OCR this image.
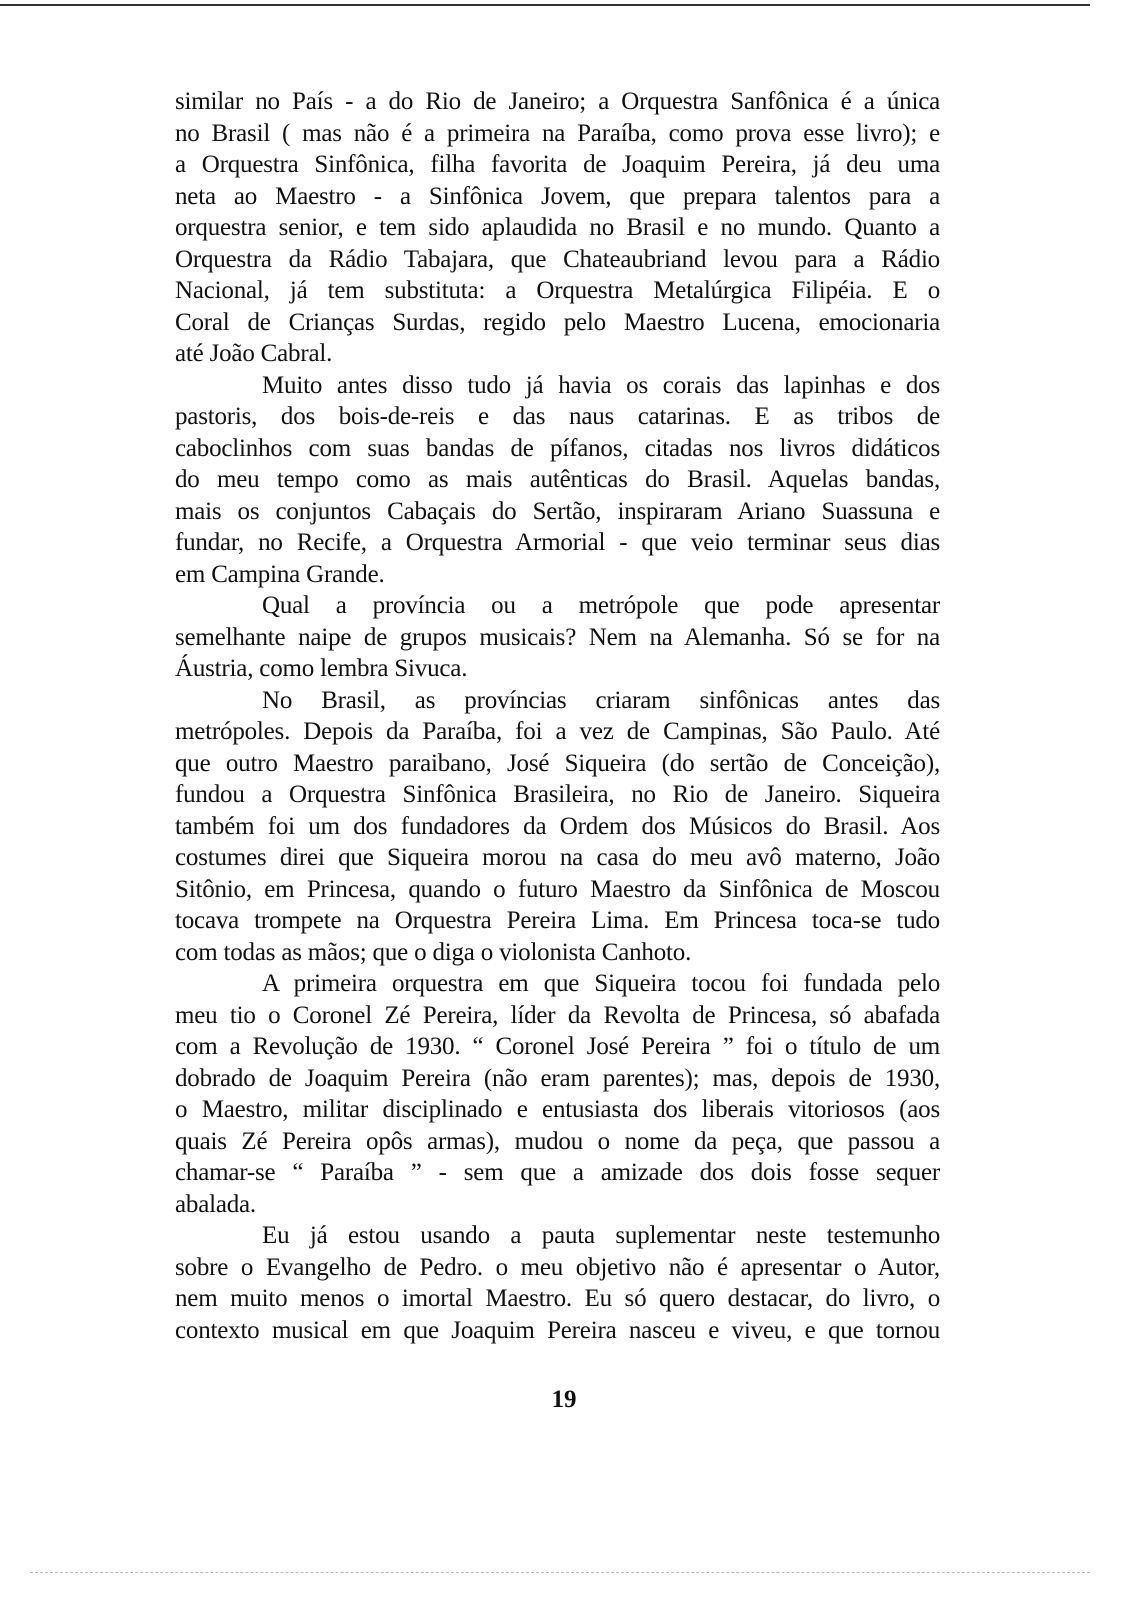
similar no País - a do Rio de Janeiro; a Orquestra Sanfônica é a única
no Brasil ( mas não é a primeira na Paraíba, como prova esse livro); e
a Orquestra Sinfônica, filha favorita de Joaquim Pereira, já deu uma
neta ao Maestro - a Sinfônica Jovem, que prepara talentos para a
orquestra senior, e tem sido aplaudida no Brasil e no mundo. Quanto a
Orquestra da Rádio Tabajara, que Chateaubriand levou para a Rádio
Nacional, já tem substituta: a Orquestra Metalúrgica Filipéia. E o
Coral de Crianças Surdas, regido pelo Maestro Lucena, emocionaria
até João Cabral.
Muito antes disso tudo já havia os corais das lapinhas e dos
pastoris, dos bois-de-reis e das naus catarinas. E as tribos de
caboclinhos com suas bandas de pífanos, citadas nos livros didáticos
do meu tempo como as mais autênticas do Brasil. Aquelas bandas,
mais os conjuntos Cabaçais do Sertão, inspiraram Ariano Suassuna e
fundar, no Recife, a Orquestra Armorial - que veio terminar seus dias
em Campina Grande.
Qual a província ou a metrópole que pode apresentar
semelhante naipe de grupos musicais? Nem na Alemanha. Só se for na
Áustria, como lembra Sivuca.
No Brasil, as províncias criaram sinfônicas antes das
metrópoles. Depois da Paraíba, foi a vez de Campinas, São Paulo. Até
que outro Maestro paraibano, José Siqueira (do sertão de Conceição),
fundou a Orquestra Sinfônica Brasileira, no Rio de Janeiro. Siqueira
também foi um dos fundadores da Ordem dos Músicos do Brasil. Aos
costumes direi que Siqueira morou na casa do meu avô materno, João
Sitônio, em Princesa, quando o futuro Maestro da Sinfônica de Moscou
tocava trompete na Orquestra Pereira Lima. Em Princesa toca-se tudo
com todas as mãos; que o diga o violonista Canhoto.
A primeira orquestra em que Siqueira tocou foi fundada pelo
meu tio o Coronel Zé Pereira, líder da Revolta de Princesa, só abafada
com a Revolução de 1930. “ Coronel José Pereira ” foi o título de um
dobrado de Joaquim Pereira (não eram parentes); mas, depois de 1930,
o Maestro, militar disciplinado e entusiasta dos liberais vitoriosos (aos
quais Zé Pereira opôs armas), mudou o nome da peça, que passou a
chamar-se “ Paraíba ” - sem que a amizade dos dois fosse sequer
abalada.
Eu já estou usando a pauta suplementar neste testemunho
sobre o Evangelho de Pedro. o meu objetivo não é apresentar o Autor,
nem muito menos o imortal Maestro. Eu só quero destacar, do livro, o
contexto musical em que Joaquim Pereira nasceu e viveu, e que tornou
19
